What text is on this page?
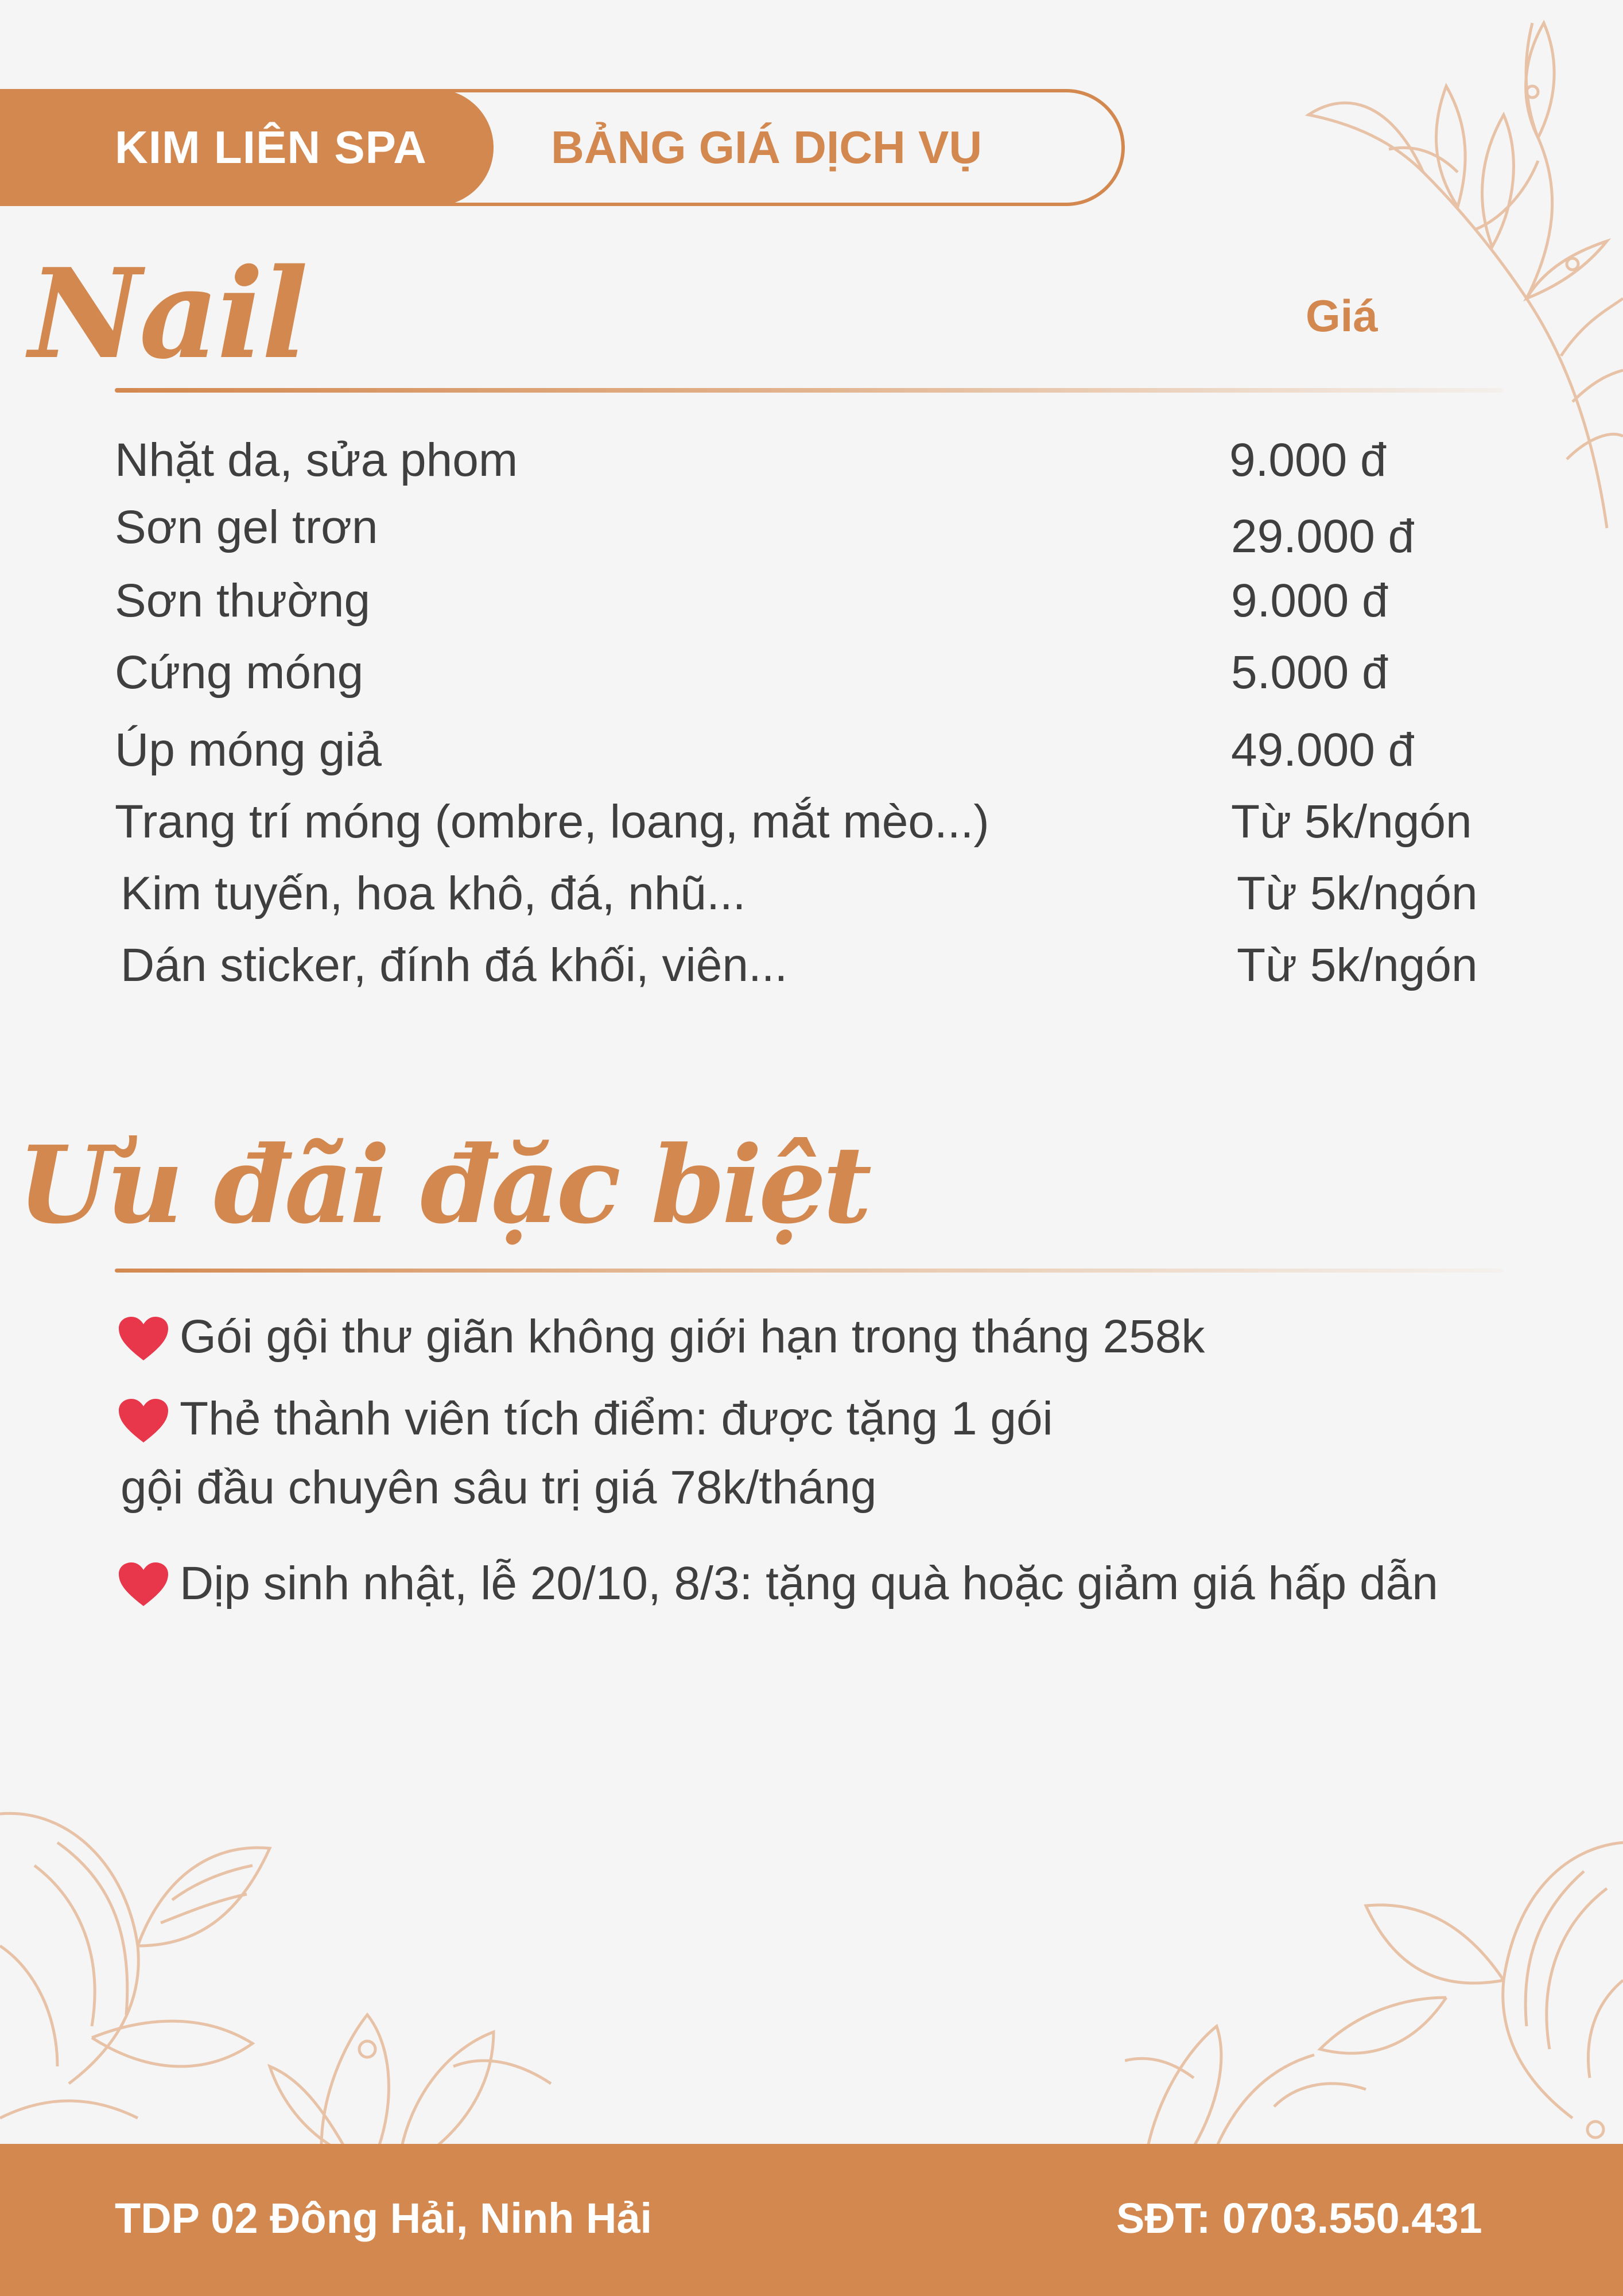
KIM LIÊN SPA	BẢNG GIÁ DỊCH VỤ
Nail	Giá
Nhặt da, sửa phom	9.000 đ
Sơn gel trơn	29.000 đ
Sơn thường	9.000 đ
Cứng móng	5.000 đ
Úp móng giả	49.000 đ
Trang trí móng (ombre, loang, mắt mèo...)	Từ 5k/ngón
Kim tuyến, hoa khô, đá, nhũ...	Từ 5k/ngón
Dán sticker, đính đá khối, viên...	Từ 5k/ngón
Ưu đãi đặc biệt
Gói gội thư giãn không giới hạn trong tháng 258k
Thẻ thành viên tích điểm: được tặng 1 gói
gội đầu chuyên sâu trị giá 78k/tháng
Dịp sinh nhật, lễ 20/10, 8/3: tặng quà hoặc giảm giá hấp dẫn
TDP 02 Đông Hải, Ninh Hải	SĐT: 0703.550.431
